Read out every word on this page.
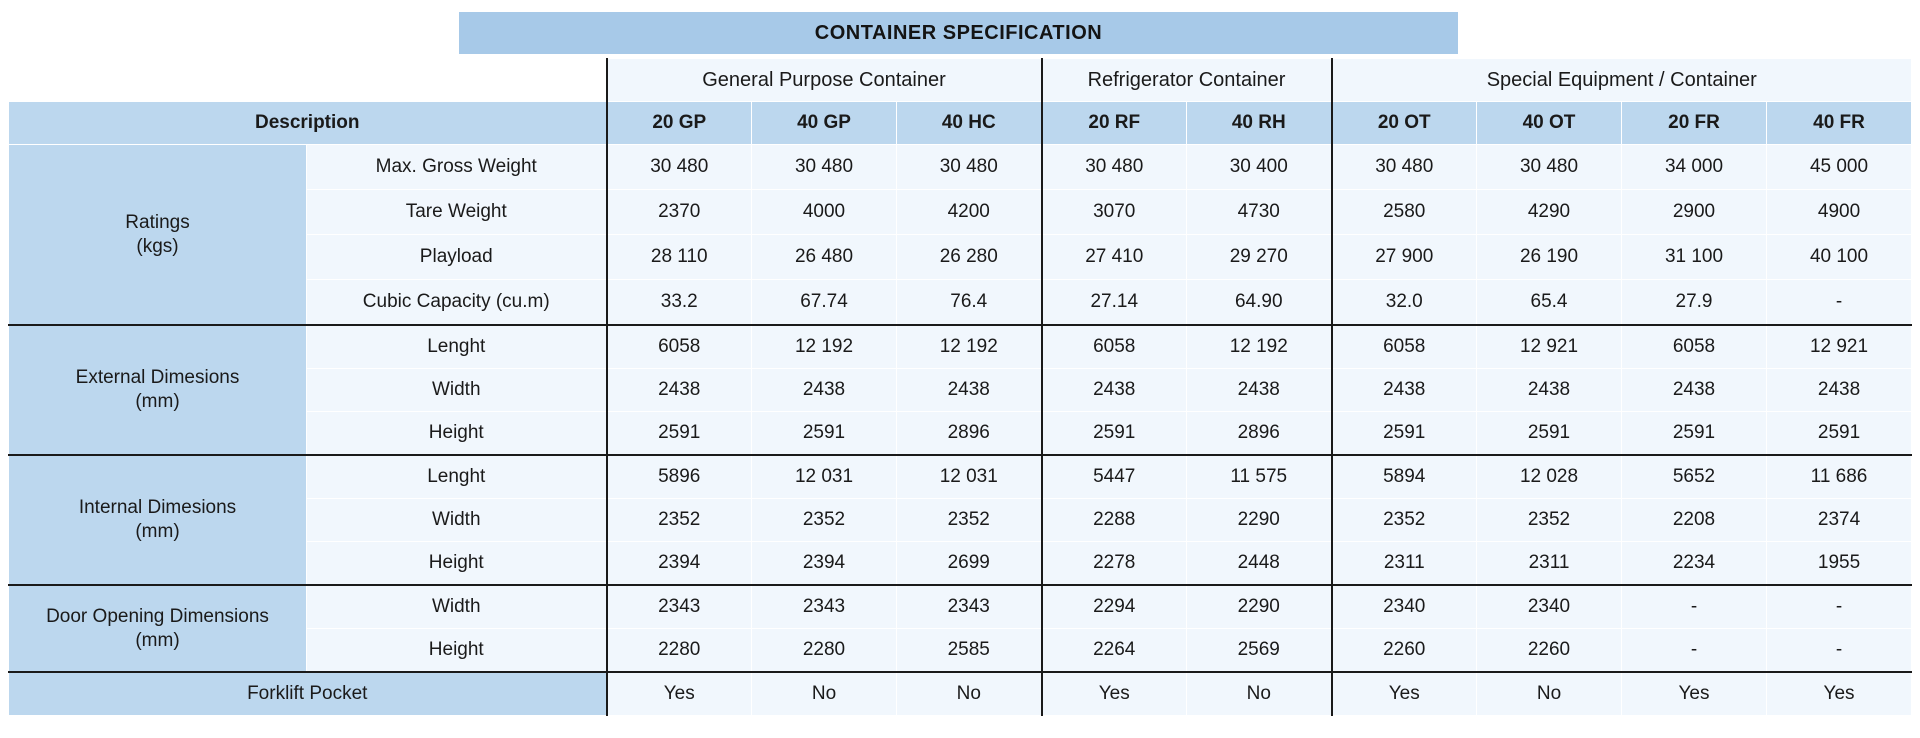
CONTAINER SPECIFICATION
		General Purpose Container			Refrigerator Container		Special Equipment / Container			
Description		20 GP	40 GP	40 HC	20 RF	40 RH	20 OT	40 OT	20 FR	40 FR

Ratings
(kgs)	Max. Gross Weight	30 480	30 480	30 480	30 480	30 400	30 480	30 480	34 000	45 000
	Tare Weight	2370	4000	4200	3070	4730	2580	4290	2900	4900
	Playload	28 110	26 480	26 280	27 410	29 270	27 900	26 190	31 100	40 100
	Cubic Capacity (cu.m)	33.2	67.74	76.4	27.14	64.90	32.0	65.4	27.9	-

External Dimesions
(mm)	Lenght	6058	12 192	12 192	6058	12 192	6058	12 921	6058	12 921
	Width	2438	2438	2438	2438	2438	2438	2438	2438	2438
	Height	2591	2591	2896	2591	2896	2591	2591	2591	2591

Internal Dimesions
(mm)	Lenght	5896	12 031	12 031	5447	11 575	5894	12 028	5652	11 686
	Width	2352	2352	2352	2288	2290	2352	2352	2208	2374
	Height	2394	2394	2699	2278	2448	2311	2311	2234	1955

Door Opening Dimensions
(mm)	Width	2343	2343	2343	2294	2290	2340	2340	-	-
	Height	2280	2280	2585	2264	2569	2260	2260	-	-
Forklift Pocket		Yes	No	No	Yes	No	Yes	No	Yes	Yes
